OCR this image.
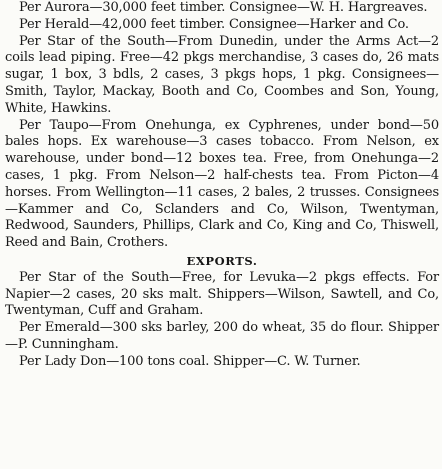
Per Aurora—30,000 feet timber. Consignee—W. H. Hargreaves.

Per Herald—42,000 feet timber. Consignee—Harker and Co.

Per Star of the South—From Dunedin, under the Arms Act—2 coils lead piping. Free—42 pkgs merchandise, 3 cases do, 26 mats sugar, 1 box, 3 bdls, 2 cases, 3 pkgs hops, 1 pkg. Consignees—Smith, Taylor, Mackay, Booth and Co, Coombes and Son, Young, White, Hawkins.

Per Taupo—From Onehunga, ex Cyphrenes, under bond—50 bales hops. Ex warehouse—3 cases tobacco. From Nelson, ex warehouse, under bond—12 boxes tea. Free, from Onehunga—2 cases, 1 pkg. From Nelson—2 half-chests tea. From Picton—4 horses. From Wellington—11 cases, 2 bales, 2 trusses. Consignees—Kammer and Co, Sclanders and Co, Wilson, Twentyman, Redwood, Saunders, Phillips, Clark and Co, King and Co, Thiswell, Reed and Bain, Crothers.

EXPORTS.

Per Star of the South—Free, for Levuka—2 pkgs effects. For Napier—2 cases, 20 sks malt. Shippers—Wilson, Sawtell, and Co, Twentyman, Cuff and Graham.

Per Emerald—300 sks barley, 200 do wheat, 35 do flour. Shipper—P. Cunningham.

Per Lady Don—100 tons coal. Shipper—C. W. Turner.
